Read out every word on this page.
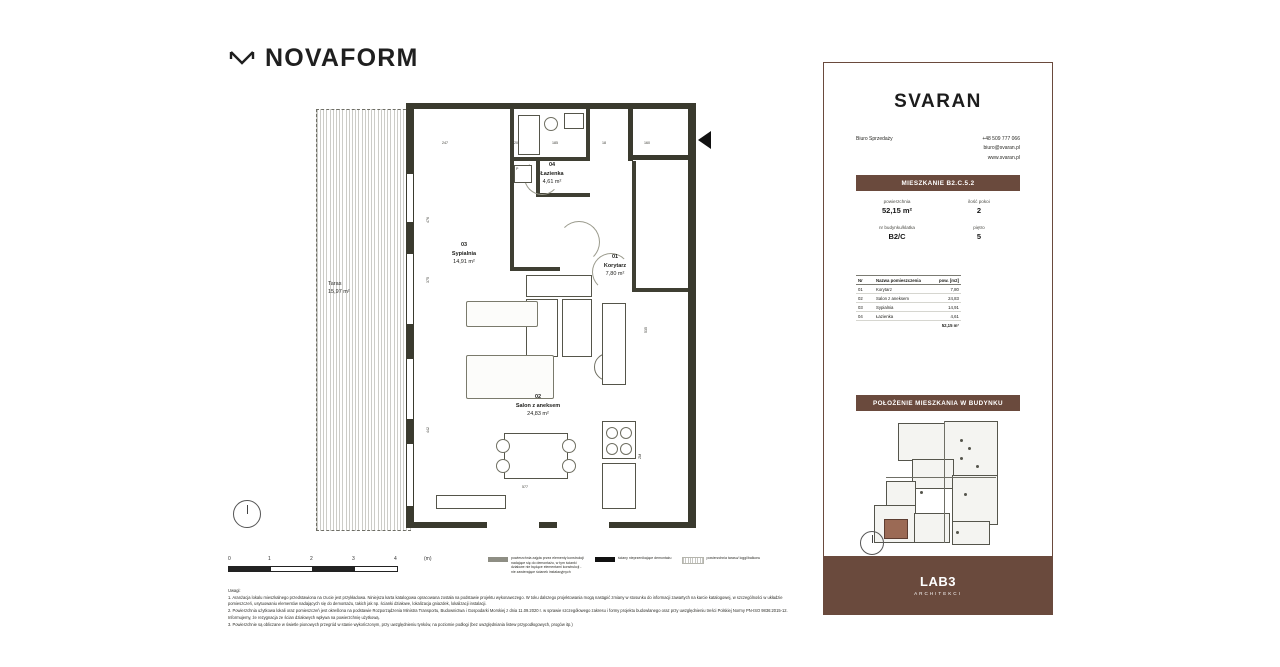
NOVAFORM
Taras
15,97 m²
01
Korytarz
7,80 m²
02
Salon z aneksem
24,83 m²
03
Sypialnia
14,91 m²
04
Łazienka
4,61 m²
247	20	185	18	160
476
375
535
442
577
P
ZM
0	1	2	3	4	(m)	powierzchnia zajęta przez elementy konstrukcji nadające się do demontażu, w tym ścianki działowe nie będące elementami konstrukcji - nie zawierające ścianek instalacyjnych
ściany nieprzenikające demontażu	powierzchnia tarasu/ loggi/balkonu

Uwagi:

1. Aranżacja lokalu mieszkalnego przedstawiona na rzucie jest przykładowa. Niniejsza karta katalogowa opracowana została na podstawie projektu wykonawczego. W toku dalszego projektowania mogą nastąpić zmiany w stosunku do informacji zawartych na karcie katalogowej, w szczególności w układzie pomieszczeń, usytuowaniu elementów nadających się do demontażu, takich jak np. ścianki działowe, lokalizacja gniazdek, lokalizacji instalacji.

2. Powierzchnia użytkowa lokali oraz pomieszczeń jest określona na podstawie Rozporządzenia Ministra Transportu, Budownictwa i Gospodarki Morskiej z dnia 11.09.2020 r. w sprawie szczegółowego zakresu i formy projektu budowlanego oraz przy uwzględnieniu treści Polskiej Normy PN-ISO 9836:2015-12. Informujemy, że rezygnacja ze ścian działowych wpływa na powierzchnię użytkową.

3. Powierzchnie są obliczane w świetle pionowych przegród w stanie wykończonym, przy uwzględnieniu tynków, na poziomie podłogi (bez uwzględniania listew przypodłogowych, progów itp.)

SVARAN
Biuro Sprzedaży	+48 509 777 066
biuro@svaran.pl
www.svaran.pl
MIESZKANIE B2.C.5.2
powierzchnia
52,15 m²
ilość pokoi
2
nr budynku/klatka
B2/C
piętro
5
Nr	Nazwa pomieszczenia	pow. [m2]
01	Korytarz	7,80
02	Salon z aneksem	24,83
03	Sypialnia	14,91
04	Łazienka	4,61
52,15 m²		
POŁOŻENIE MIESZKANIA W BUDYNKU
LAB3
ARCHITEKCI
